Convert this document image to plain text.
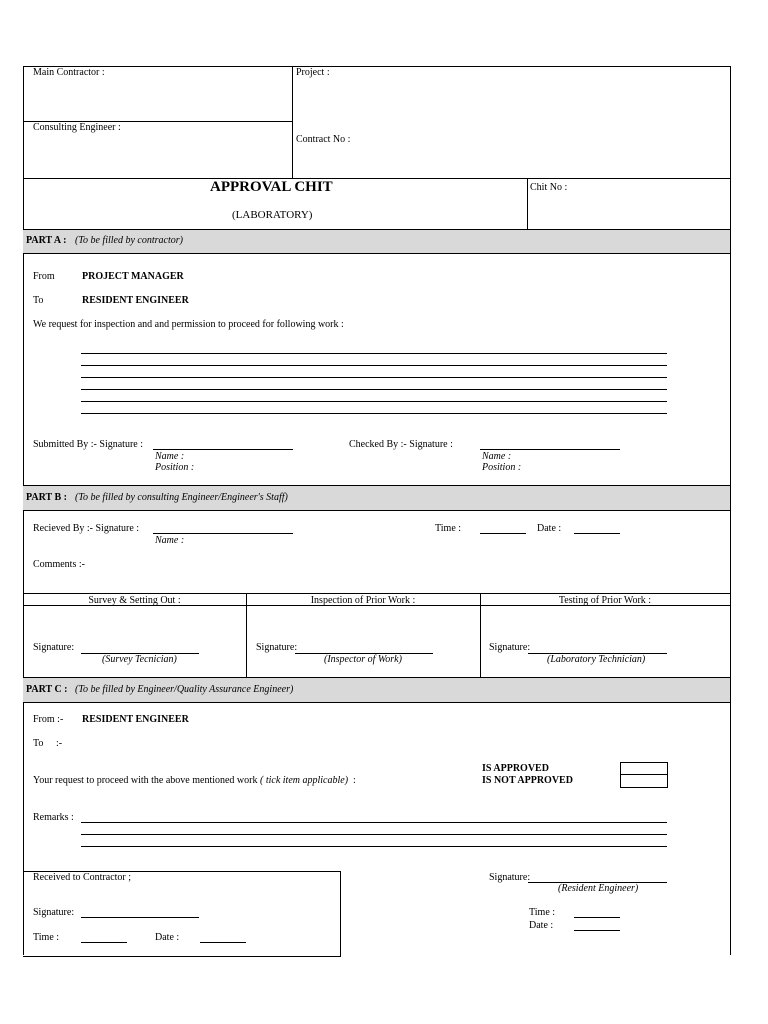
Main Contractor :	Project :
Consulting Engineer :
Contract No :
APPROVAL CHIT
(LABORATORY)
Chit No :
PART A : (To be filled by contractor)
From	PROJECT MANAGER
To	RESIDENT ENGINEER
We request for inspection and and permission to proceed for following work :
Submitted By :- Signature :
Name :
Position :
Checked By :- Signature :
Name :
Position :
PART B : (To be filled by consulting Engineer/Engineer's Staff)
Recieved By :- Signature :
Name :
Time :	Date :
Comments :-
Survey & Setting Out :	Inspection of Prior Work :	Testing of Prior Work :
Signature:
(Survey Tecnician)
Signature:
(Inspector of Work)
Signature:
(Laboratory Technician)
PART C : (To be filled by Engineer/Quality Assurance Engineer)
From :- RESIDENT ENGINEER
To :-
IS APPROVED
IS NOT APPROVED
Your request to proceed with the above mentioned work ( tick item applicable) :
Remarks :
Received to Contractor ;
Signature:
Time :	Date :
Signature:
(Resident Engineer)
Time :
Date :
